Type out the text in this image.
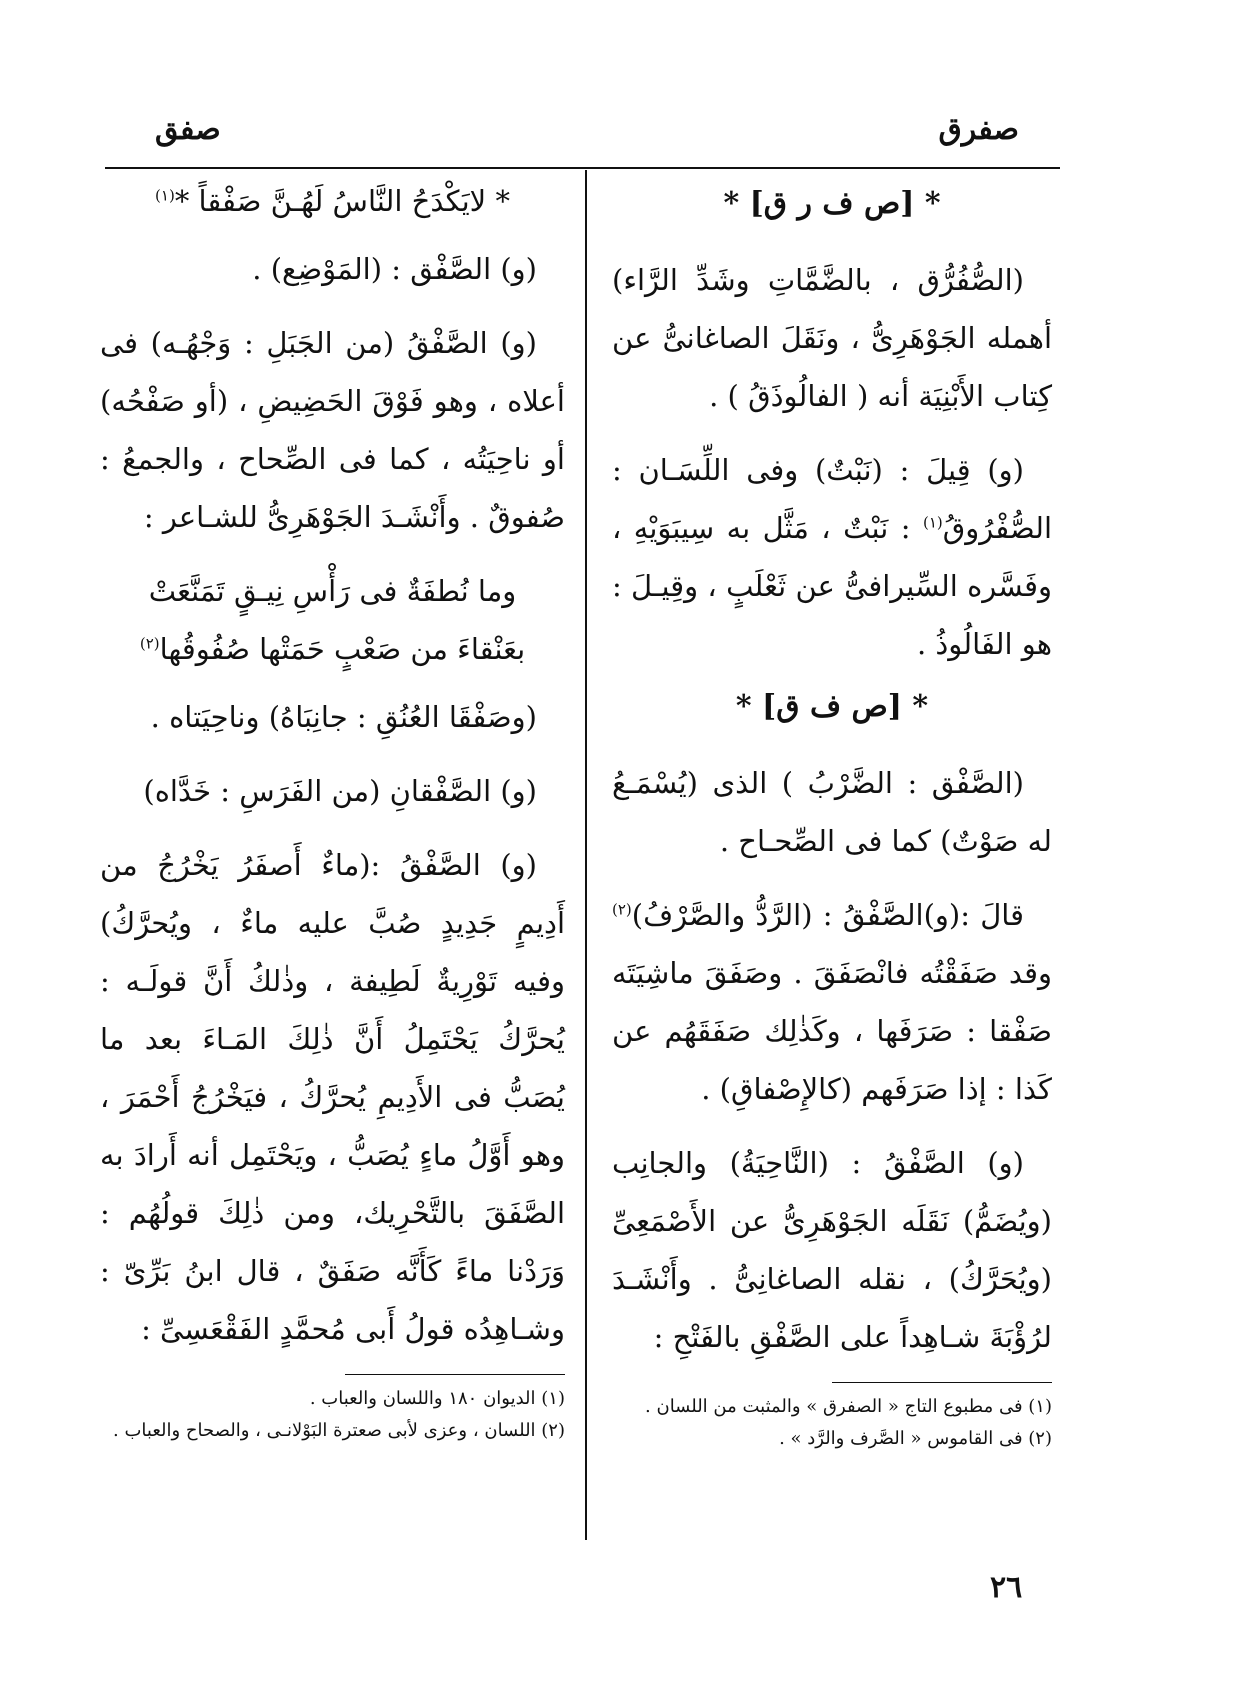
صفرق
صفق
* [ص ف ر ق] *

(الصُّفُرُّق ، بالضَّمَّاتِ وشَدِّ الرَّاء) أهمله الجَوْهَرِىُّ ، ونَقَلَ الصاغانىُّ عن كِتاب الأَبْنِيَة أنه ( الفالُوذَقُ ) .

(و) قِيلَ : (نَبْتٌ) وفى اللِّسَـان : الصُّفْرُوقُ$^{(١)}$ : نَبْتٌ ، مَثَّل به سِيبَوَيْهِ ، وفَسَّره السِّيرافىُّ عن ثَعْلَبٍ ، وقِيـلَ : هو الفَالُوذُ .

* [ص ف ق] *

(الصَّفْق : الضَّرْبُ ) الذى (يُسْمَـعُ له صَوْتٌ) كما فى الصِّحـاح .

قالَ :(و)الصَّفْقُ : (الرَّدُّ والصَّرْفُ)$^{(٢)}$ وقد صَفَقْتُه فانْصَفَقَ . وصَفَقَ ماشِيَتَه صَفْقا : صَرَفَها ، وكَذٰلِك صَفَقَهُم عن كَذا : إذا صَرَفَهم (كالإِصْفاقِ) .

(و) الصَّفْقُ : (النَّاحِيَةُ) والجانِب (ويُضَمُّ) نَقَلَه الجَوْهَرِىُّ عن الأَصْمَعِىِّ (ويُحَرَّكُ) ، نقله الصاغانِىُّ . وأَنْشَـدَ لرُؤْبَةَ شـاهِداً على الصَّفْقِ بالفَتْحِ :

(١) فى مطبوع التاج « الصفرق » والمثبت من اللسان .

(٢) فى القاموس « الصَّرف والرَّد » .

* لايَكْدَحُ النَّاسُ لَهُـنَّ صَفْقاً *$^{(١)}$

(و) الصَّفْق : (المَوْضِع) .

(و) الصَّفْقُ (من الجَبَلِ : وَجْهُـه) فى أعلاه ، وهو فَوْقَ الحَضِيضِ ، (أو صَفْحُه) أو ناحِيَتُه ، كما فى الصِّحاح ، والجمعُ : صُفوقٌ . وأَنْشَـدَ الجَوْهَرِىُّ للشـاعر :

وما نُطفَةٌ فى رَأْسِ نِيـقٍ تَمَنَّعَتْ
بعَنْقاءَ من صَعْبٍ حَمَتْها صُفُوقُها$^{(٢)}$

(وصَفْقَا العُنُقِ : جانِبَاهُ) وناحِيَتاه .

(و) الصَّفْقانِ (من الفَرَسِ : خَدَّاه)

(و) الصَّفْقُ :(ماءٌ أَصفَرُ يَخْرُجُ من أَدِيمٍ جَدِيدٍ صُبَّ عليه ماءٌ ، ويُحرَّكُ) وفيه تَوْرِيةٌ لَطِيفة ، وذٰلكُ أَنَّ قولَـه : يُحرَّكُ يَحْتَمِلُ أَنَّ ذٰلِكَ المَـاءَ بعد ما يُصَبُّ فى الأَدِيمِ يُحرَّكُ ، فيَخْرُجُ أَحْمَرَ ، وهو أَوَّلُ ماءٍ يُصَبُّ ، ويَحْتَمِل أنه أَرادَ به الصَّفَقَ بالتَّحْرِيك، ومن ذٰلِكَ قولُهُم : وَرَدْنا ماءً كَأَنَّه صَفَقٌ ، قال ابنُ بَرِّىّ : وشـاهِدُه قولُ أَبى مُحمَّدٍ الفَقْعَسِىِّ :

(١) الديوان ١٨٠ واللسان والعباب .

(٢) اللسان ، وعزى لأبى صعترة البَوْلانـى ، والصحاح والعباب .

٢٦
